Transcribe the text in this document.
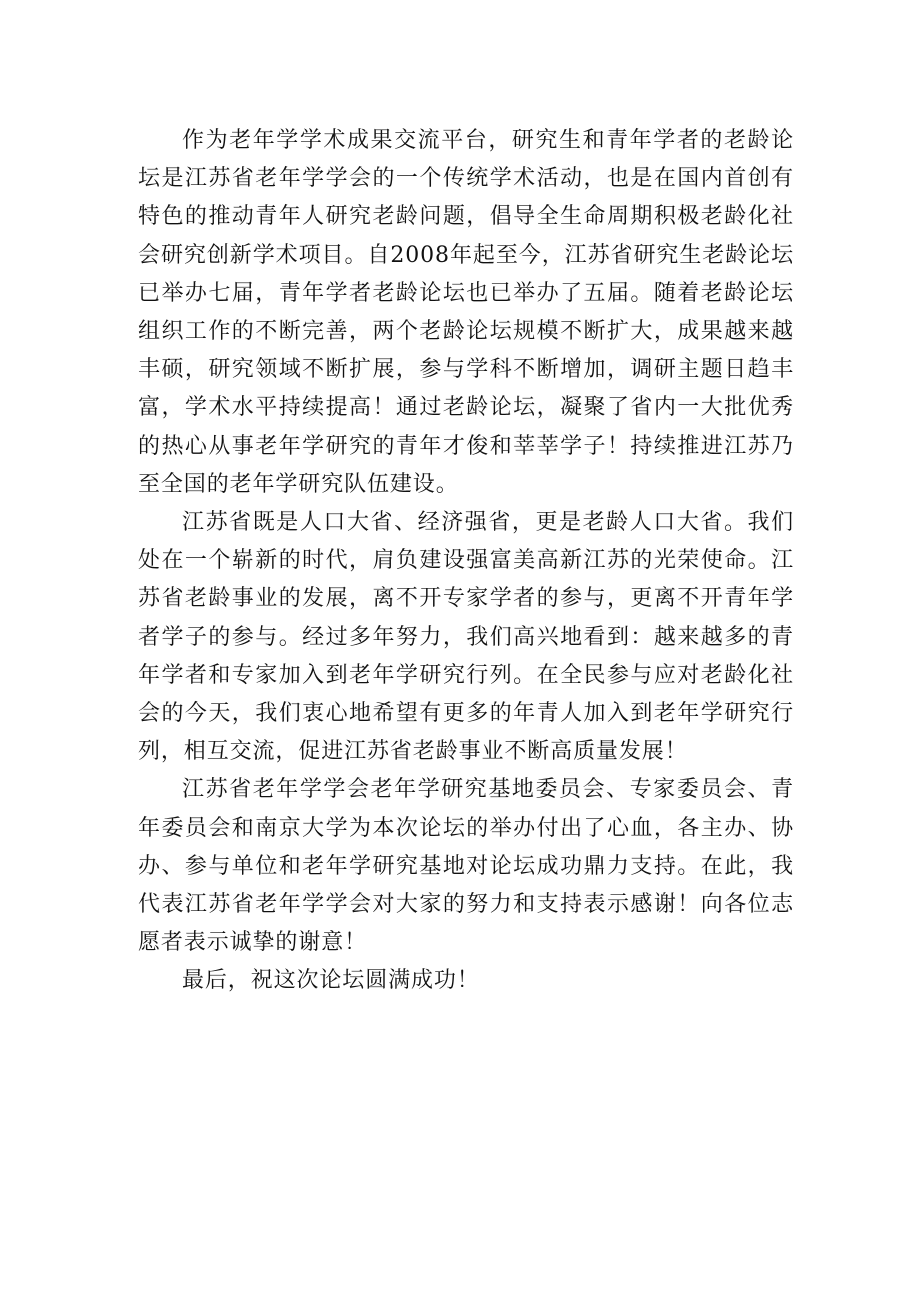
作为老年学学术成果交流平台，研究生和青年学者的老龄论坛是江苏省老年学学会的一个传统学术活动，也是在国内首创有特色的推动青年人研究老龄问题，倡导全生命周期积极老龄化社会研究创新学术项目。自2008年起至今，江苏省研究生老龄论坛已举办七届，青年学者老龄论坛也已举办了五届。随着老龄论坛组织工作的不断完善，两个老龄论坛规模不断扩大，成果越来越丰硕，研究领域不断扩展，参与学科不断增加，调研主题日趋丰富，学术水平持续提高！通过老龄论坛，凝聚了省内一大批优秀的热心从事老年学研究的青年才俊和莘莘学子！持续推进江苏乃至全国的老年学研究队伍建设。

江苏省既是人口大省、经济强省，更是老龄人口大省。我们处在一个崭新的时代，肩负建设强富美高新江苏的光荣使命。江苏省老龄事业的发展，离不开专家学者的参与，更离不开青年学者学子的参与。经过多年努力，我们高兴地看到：越来越多的青年学者和专家加入到老年学研究行列。在全民参与应对老龄化社会的今天，我们衷心地希望有更多的年青人加入到老年学研究行列，相互交流，促进江苏省老龄事业不断高质量发展！

江苏省老年学学会老年学研究基地委员会、专家委员会、青年委员会和南京大学为本次论坛的举办付出了心血，各主办、协办、参与单位和老年学研究基地对论坛成功鼎力支持。在此，我代表江苏省老年学学会对大家的努力和支持表示感谢！向各位志愿者表示诚挚的谢意！

最后，祝这次论坛圆满成功！
